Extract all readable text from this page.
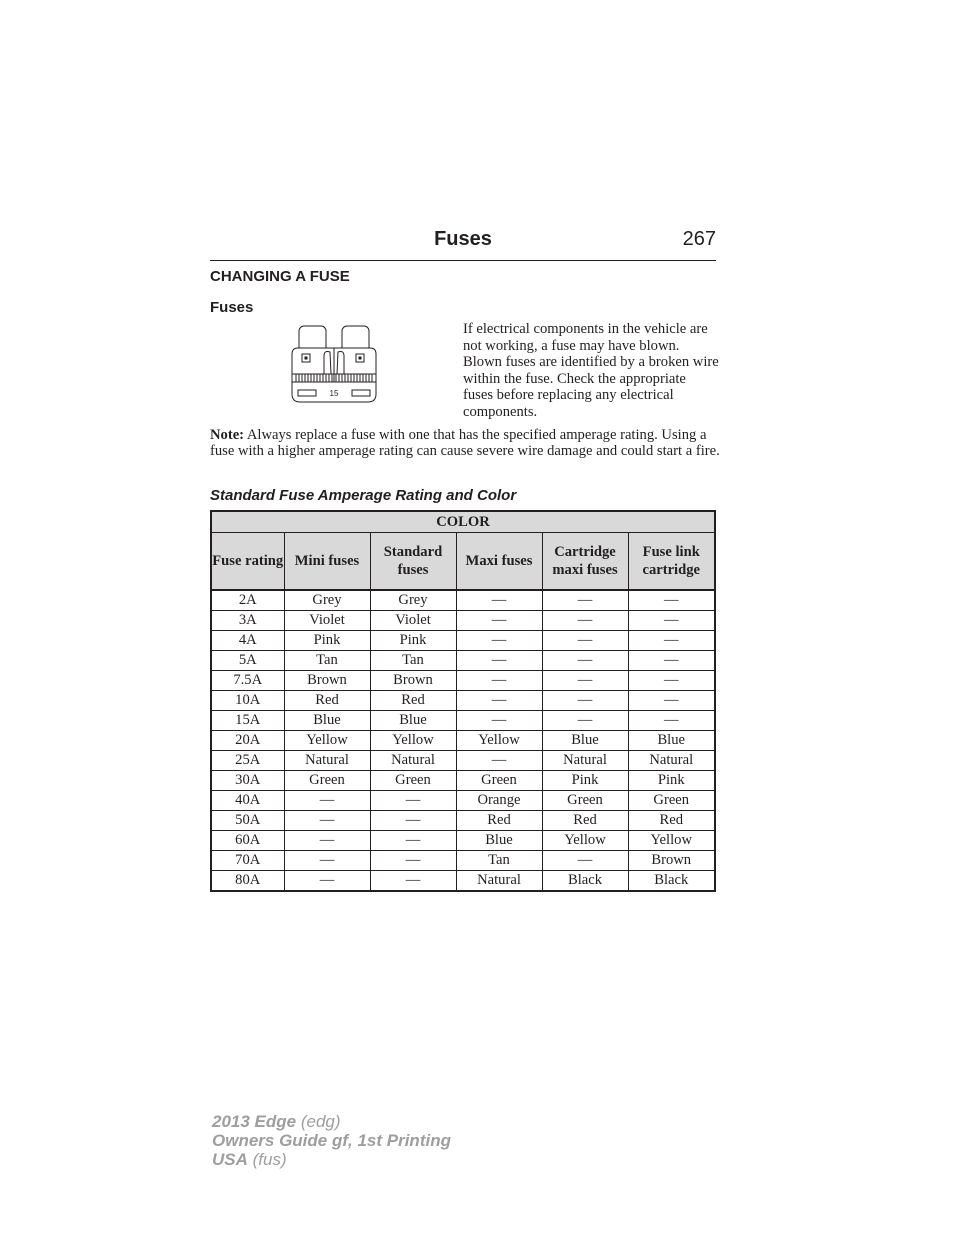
Fuses	267
CHANGING A FUSE
Fuses
15
If electrical components in the vehicle are not working, a fuse may have blown. Blown fuses are identified by a broken wire within the fuse. Check the appropriate fuses before replacing any electrical components.
Note: Always replace a fuse with one that has the specified amperage rating. Using a fuse with a higher amperage rating can cause severe wire damage and could start a fire.
Standard Fuse Amperage Rating and Color
COLOR					
Fuse rating	Mini fuses	Standard fuses	Maxi fuses	Cartridge maxi fuses	Fuse link cartridge
2A	Grey	Grey	—	—	—
3A	Violet	Violet	—	—	—
4A	Pink	Pink	—	—	—
5A	Tan	Tan	—	—	—
7.5A	Brown	Brown	—	—	—
10A	Red	Red	—	—	—
15A	Blue	Blue	—	—	—
20A	Yellow	Yellow	Yellow	Blue	Blue
25A	Natural	Natural	—	Natural	Natural
30A	Green	Green	Green	Pink	Pink
40A	—	—	Orange	Green	Green
50A	—	—	Red	Red	Red
60A	—	—	Blue	Yellow	Yellow
70A	—	—	Tan	—	Brown
80A	—	—	Natural	Black	Black
2013 Edge (edg)
Owners Guide gf, 1st Printing
USA (fus)
